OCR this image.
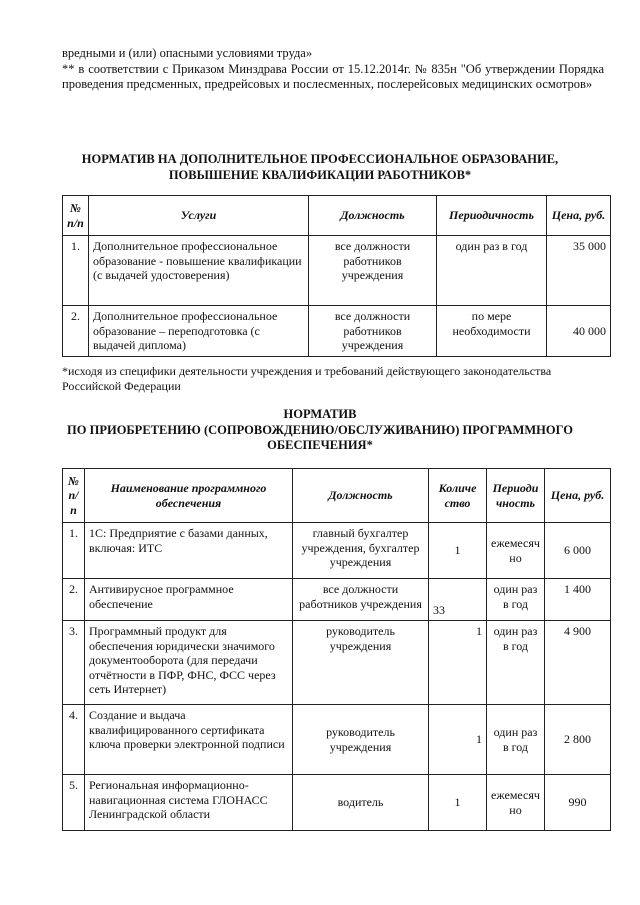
вредными и (или) опасными условиями труда»

** в соответствии с Приказом Минздрава России от 15.12.2014г. № 835н "Об утверждении Порядка проведения предсменных, предрейсовых и послесменных, послерейсовых медицинских осмотров»

НОРМАТИВ НА ДОПОЛНИТЕЛЬНОЕ ПРОФЕССИОНАЛЬНОЕ ОБРАЗОВАНИЕ,
ПОВЫШЕНИЕ КВАЛИФИКАЦИИ РАБОТНИКОВ*
№ п/п	Услуги	Должность	Периодичность	Цена, руб.
1.	Дополнительное профессиональное образование - повышение квалификации (с выдачей удостоверения)	все должности работников учреждения	один раз в год	35 000
2.	Дополнительное профессиональное образование – переподготовка (с выдачей диплома)	все должности работников учреждения	по мере необходимости	40 000
*исходя из специфики деятельности учреждения и требований действующего законодательства Российской Федерации
НОРМАТИВ
ПО ПРИОБРЕТЕНИЮ (СОПРОВОЖДЕНИЮ/ОБСЛУЖИВАНИЮ) ПРОГРАММНОГО
ОБЕСПЕЧЕНИЯ*
№ п/ п	Наименование программного обеспечения	Должность	Количе ство	Периоди чность	Цена, руб.
1.	1С: Предприятие с базами данных, включая: ИТС	главный бухгалтер учреждения, бухгалтер учреждения	1	ежемесяч но	6 000
2.	Антивирусное программное обеспечение	все должности работников учреждения	33	один раз в год	1 400
3.	Программный продукт для обеспечения юридически значимого документооборота (для передачи отчётности в ПФР, ФНС, ФСС через сеть Интернет)	руководитель учреждения	1	один раз в год	4 900
4.	Создание и выдача квалифицированного сертификата ключа проверки электронной подписи	руководитель учреждения	1	один раз в год	2 800
5.	Региональная информационно-навигационная система ГЛОНАСС Ленинградской области	водитель	1	ежемесяч но	990
